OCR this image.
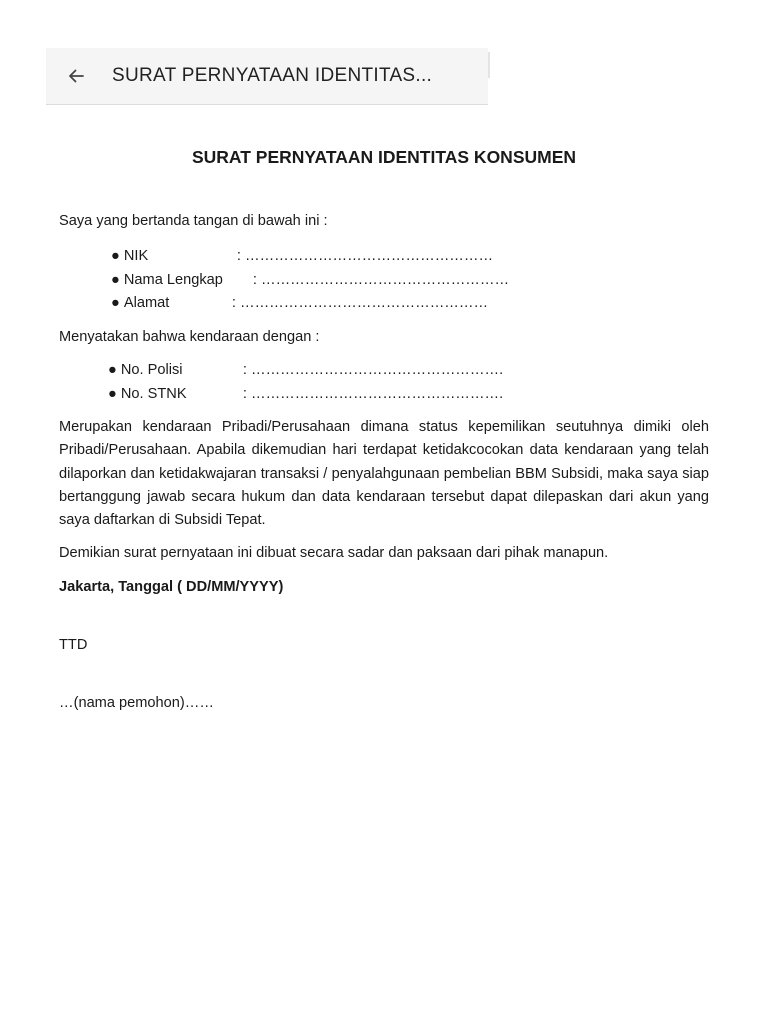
SURAT PERNYATAAN IDENTITAS...
SURAT PERNYATAAN IDENTITAS KONSUMEN

Saya yang bertanda tangan di bawah ini :

●
NIK	: ……………………………………………
●
Nama Lengkap	: ……………………………………………
●
Alamat	: ……………………………………………

Menyatakan bahwa kendaraan dengan :

●
No. Polisi	: …………………………………………….
●
No. STNK	: …………………………………………….

Merupakan kendaraan Pribadi/Perusahaan dimana status kepemilikan seutuhnya dimiki oleh Pribadi/Perusahaan. Apabila dikemudian hari terdapat ketidakcocokan data kendaraan yang telah dilaporkan dan ketidakwajaran transaksi / penyalahgunaan pembelian BBM Subsidi, maka saya siap bertanggung jawab secara hukum dan data kendaraan tersebut dapat dilepaskan dari akun yang saya daftarkan di Subsidi Tepat.

Demikian surat pernyataan ini dibuat secara sadar dan paksaan dari pihak manapun.

Jakarta, Tanggal ( DD/MM/YYYY)

TTD

…(nama pemohon)……
